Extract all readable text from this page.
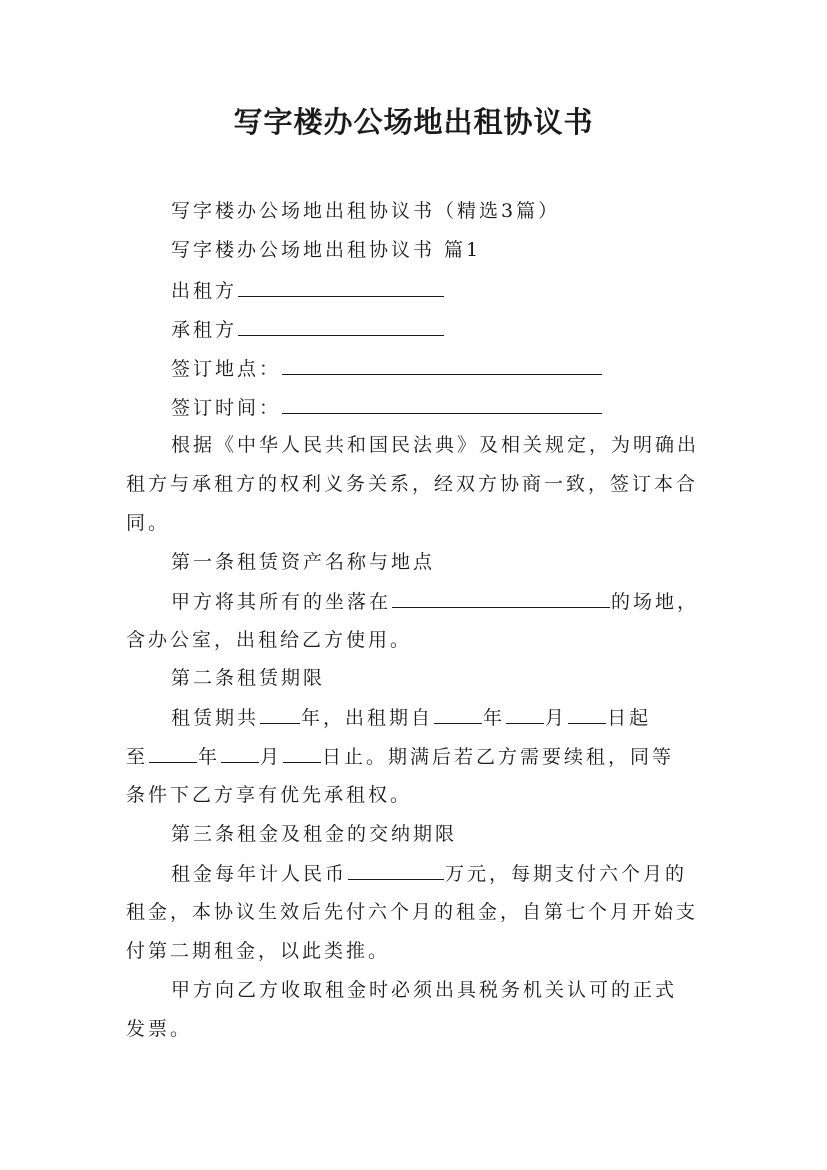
写字楼办公场地出租协议书
写字楼办公场地出租协议书（精选3篇）
写字楼办公场地出租协议书 篇1
出租方
承租方
签订地点：
签订时间：
根据《中华人民共和国民法典》及相关规定，为明确出
租方与承租方的权利义务关系，经双方协商一致，签订本合
同。
第一条租赁资产名称与地点
甲方将其所有的坐落在	的场地，
含办公室，出租给乙方使用。
第二条租赁期限
租赁期共 年，出租期自	年 月 日起
至	年 月 日止。期满后若乙方需要续租，同等
条件下乙方享有优先承租权。
第三条租金及租金的交纳期限
租金每年计人民币	万元，每期支付六个月的
租金，本协议生效后先付六个月的租金，自第七个月开始支
付第二期租金，以此类推。
甲方向乙方收取租金时必须出具税务机关认可的正式
发票。
